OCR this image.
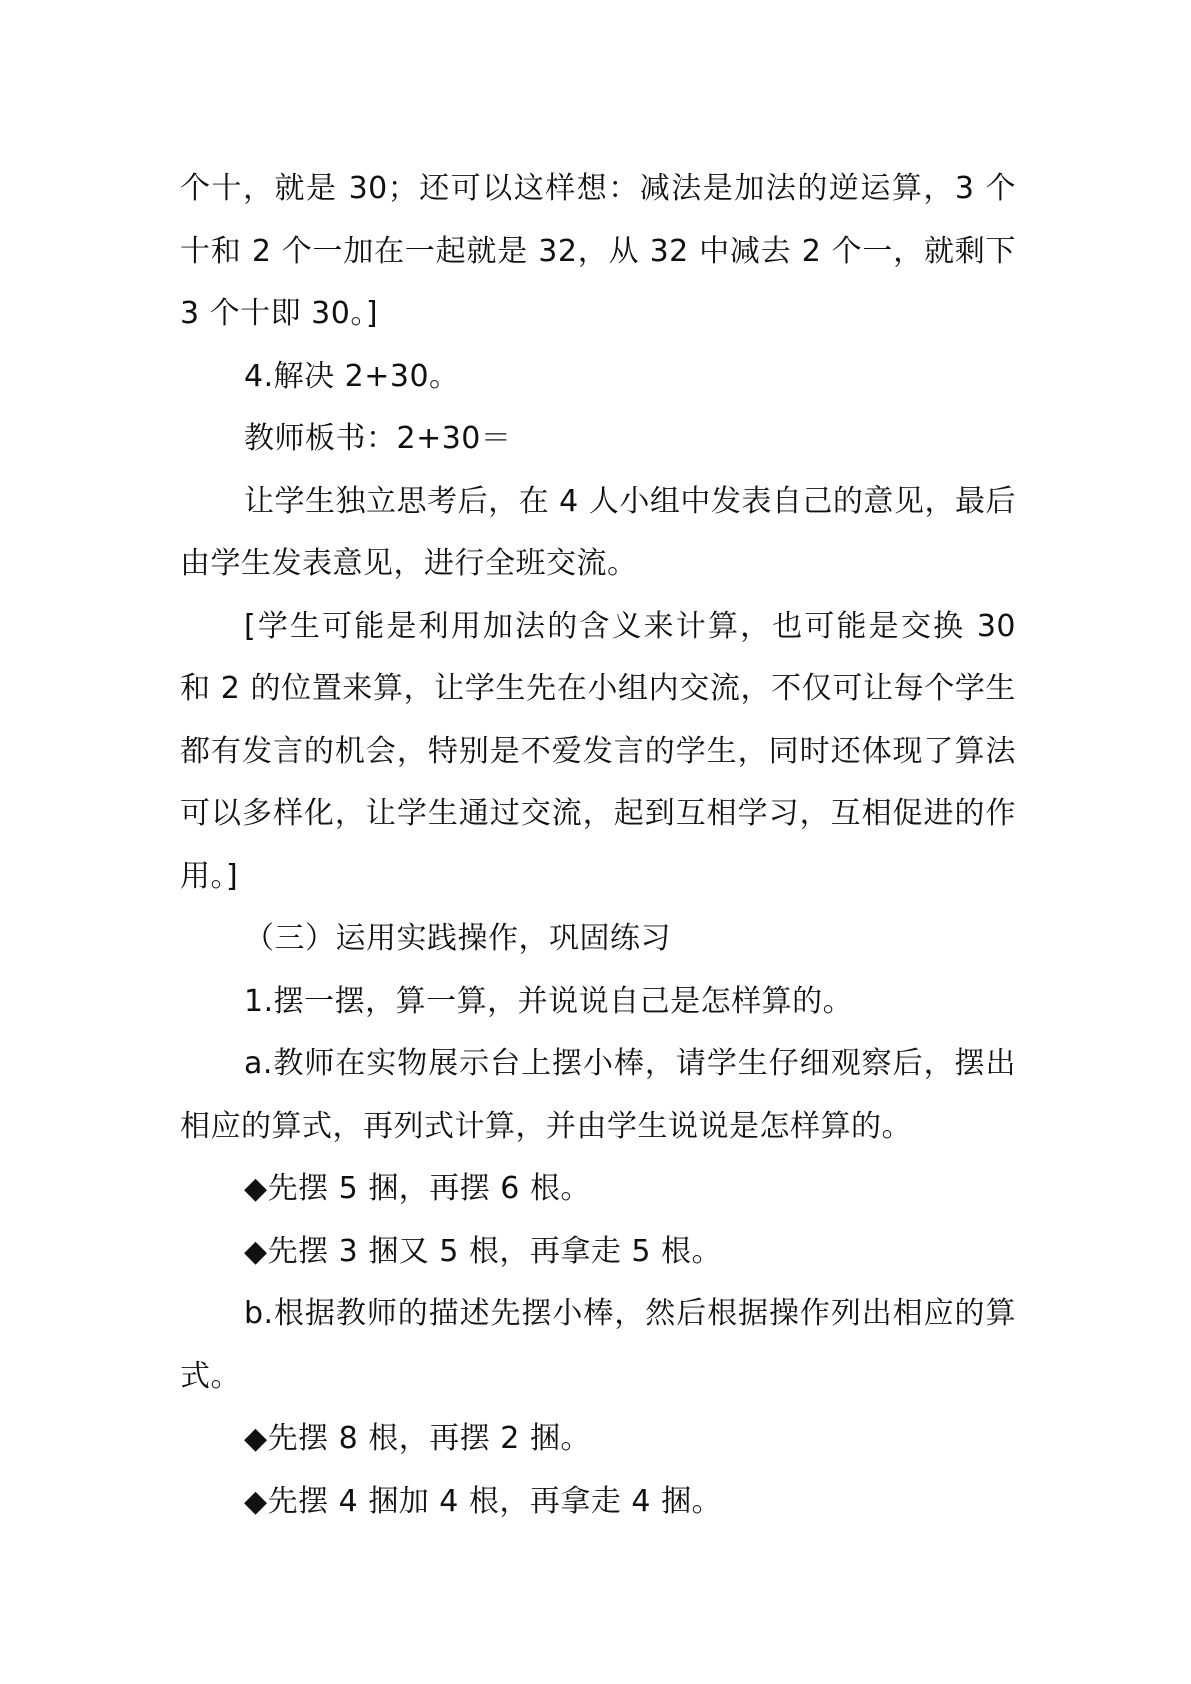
个十，就是 30；还可以这样想：减法是加法的逆运算，3 个十和 2 个一加在一起就是 32，从 32 中减去 2 个一，就剩下 3 个十即 30。]

4.解决 2+30。

教师板书：2+30＝

让学生独立思考后，在 4 人小组中发表自己的意见，最后由学生发表意见，进行全班交流。

[学生可能是利用加法的含义来计算，也可能是交换 30 和 2 的位置来算，让学生先在小组内交流，不仅可让每个学生都有发言的机会，特别是不爱发言的学生，同时还体现了算法可以多样化，让学生通过交流，起到互相学习，互相促进的作用。]

（三）运用实践操作，巩固练习

1.摆一摆，算一算，并说说自己是怎样算的。

a.教师在实物展示台上摆小棒，请学生仔细观察后，摆出相应的算式，再列式计算，并由学生说说是怎样算的。

◆先摆 5 捆，再摆 6 根。

◆先摆 3 捆又 5 根，再拿走 5 根。

b.根据教师的描述先摆小棒，然后根据操作列出相应的算式。

◆先摆 8 根，再摆 2 捆。

◆先摆 4 捆加 4 根，再拿走 4 捆。
